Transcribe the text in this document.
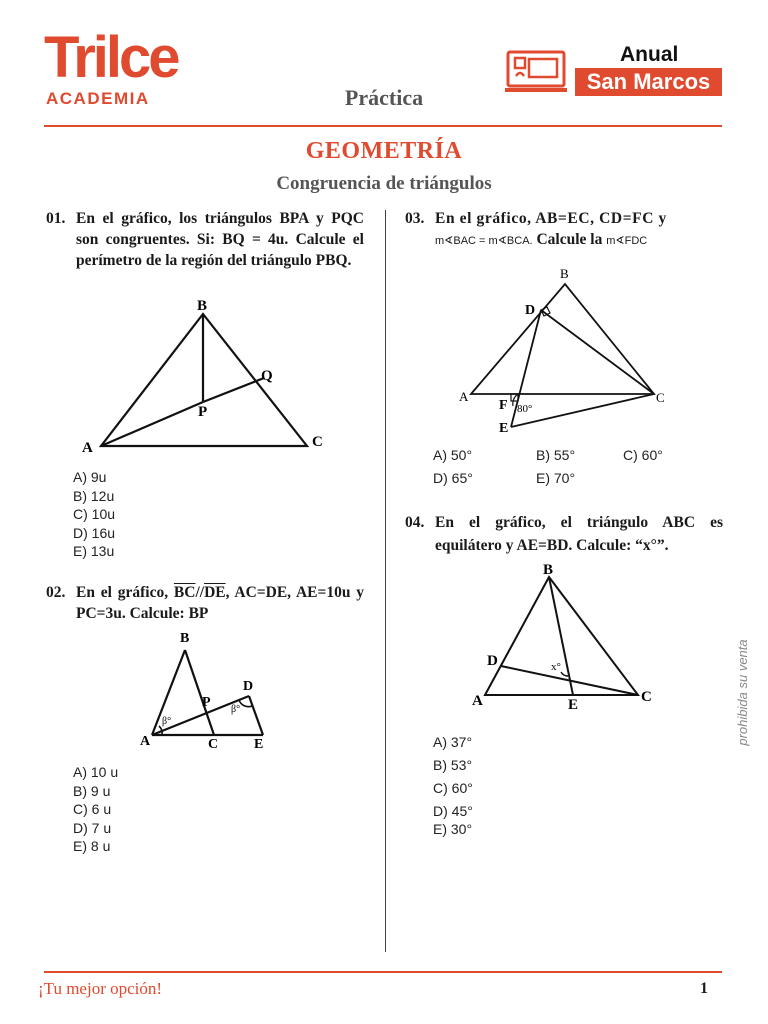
Trilce
ACADEMIA	Práctica
Anual
San Marcos
GEOMETRÍA
Congruencia de triángulos
01. En el gráfico, los triángulos BPA y PQC son congruentes. Si: BQ = 4u. Calcule el perímetro de la región del triángulo PBQ.
B
Q
P
A	C
A) 9u
B) 12u
C) 10u
D) 16u
E) 13u
02. En el gráfico, $\overline{BC}//\overline{DE}$, AC=DE, AE=10u y PC=3u. Calcule: BP
B
D
P
β°
β°
A	C	E
A) 10 u
B) 9 u
C) 6 u
D) 7 u
E) 8 u
03. En el gráfico, AB=EC, CD=FC y
m∢BAC = m∢BCA. Calcule la m∢FDC
B
D
A
F 80°
C
E
A) 50°	B) 55°	C) 60°
D) 65°	E) 70°
04. En el gráfico, el triángulo ABC es equilátero y AE=BD. Calcule: “x°”.
B
D	x°
A	E	C
A) 37°
B) 53°
C) 60°
D) 45°
E) 30°
prohibida su venta
¡Tu mejor opción!	1
